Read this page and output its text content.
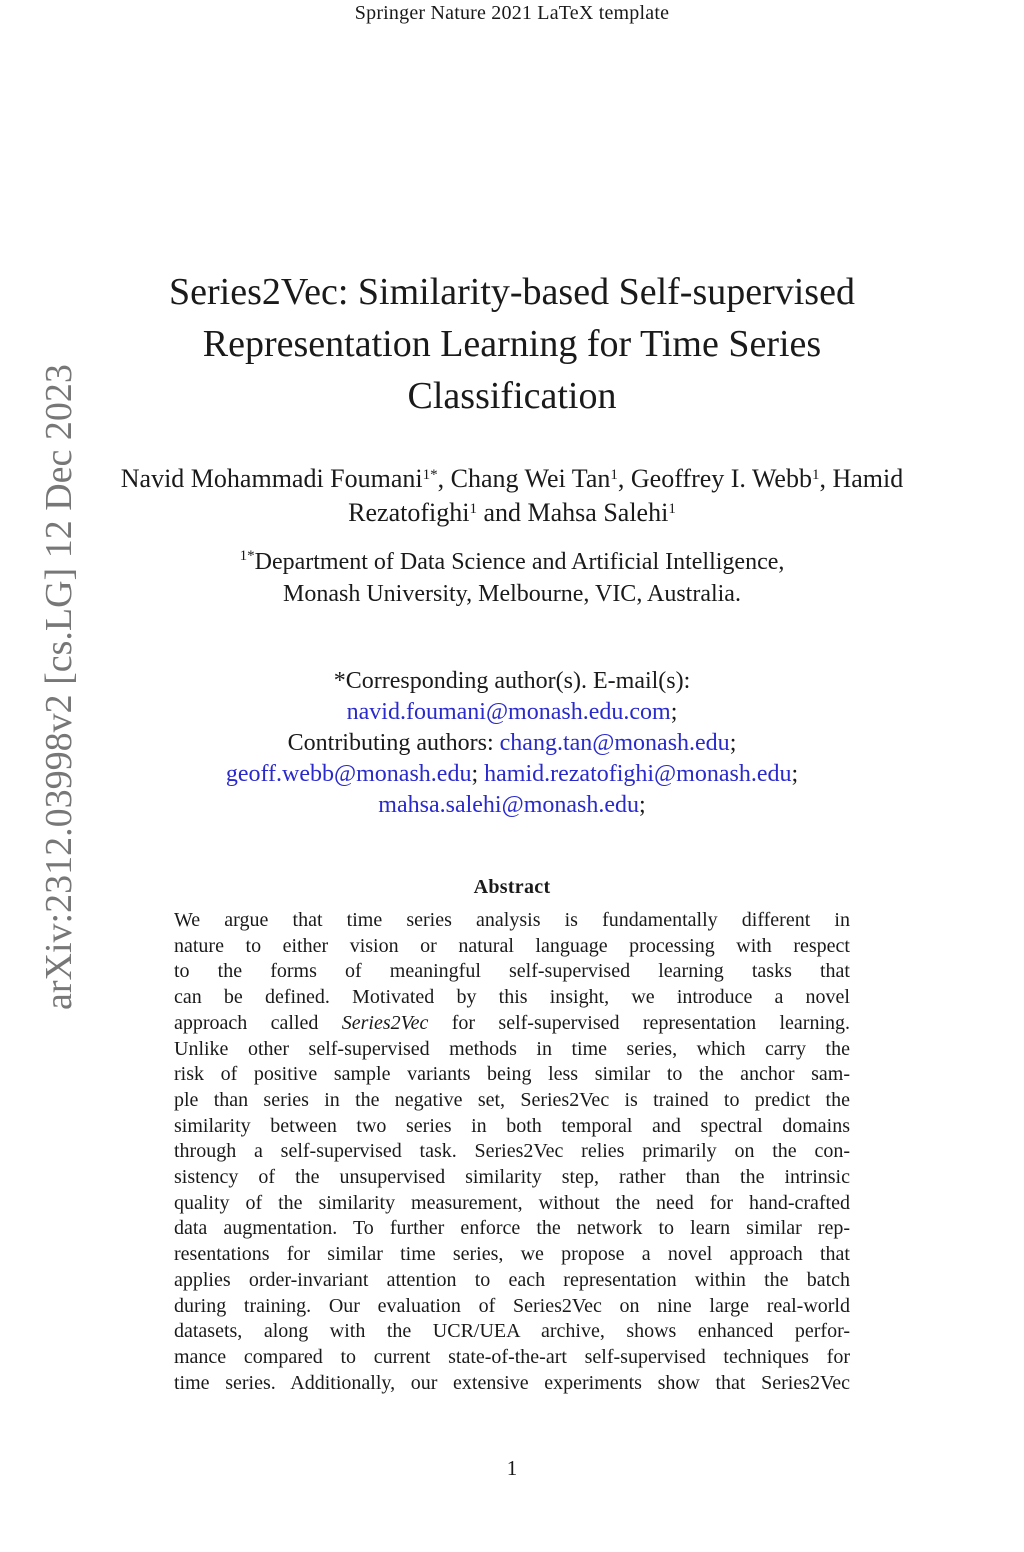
Springer Nature 2021 LaTeX template
arXiv:2312.03998v2 [cs.LG] 12 Dec 2023
Series2Vec: Similarity-based Self-supervised Representation Learning for Time Series Classification
Navid Mohammadi Foumani$^{1*}$, Chang Wei Tan$^1$, Geoffrey I. Webb$^1$, Hamid Rezatofighi$^1$ and Mahsa Salehi$^1$
$^{1*}$Department of Data Science and Artificial Intelligence,
Monash University, Melbourne, VIC, Australia.
*Corresponding author(s). E-mail(s):
navid.foumani@monash.edu.com;
Contributing authors: chang.tan@monash.edu;
geoff.webb@monash.edu; hamid.rezatofighi@monash.edu;
mahsa.salehi@monash.edu;
Abstract

We argue that time series analysis is fundamentally different in

nature to either vision or natural language processing with respect

to the forms of meaningful self-supervised learning tasks that

can be defined. Motivated by this insight, we introduce a novel

approach called Series2Vec for self-supervised representation learning.

Unlike other self-supervised methods in time series, which carry the

risk of positive sample variants being less similar to the anchor sam-

ple than series in the negative set, Series2Vec is trained to predict the

similarity between two series in both temporal and spectral domains

through a self-supervised task. Series2Vec relies primarily on the con-

sistency of the unsupervised similarity step, rather than the intrinsic

quality of the similarity measurement, without the need for hand-crafted

data augmentation. To further enforce the network to learn similar rep-

resentations for similar time series, we propose a novel approach that

applies order-invariant attention to each representation within the batch

during training. Our evaluation of Series2Vec on nine large real-world

datasets, along with the UCR/UEA archive, shows enhanced perfor-

mance compared to current state-of-the-art self-supervised techniques for

time series. Additionally, our extensive experiments show that Series2Vec

1
